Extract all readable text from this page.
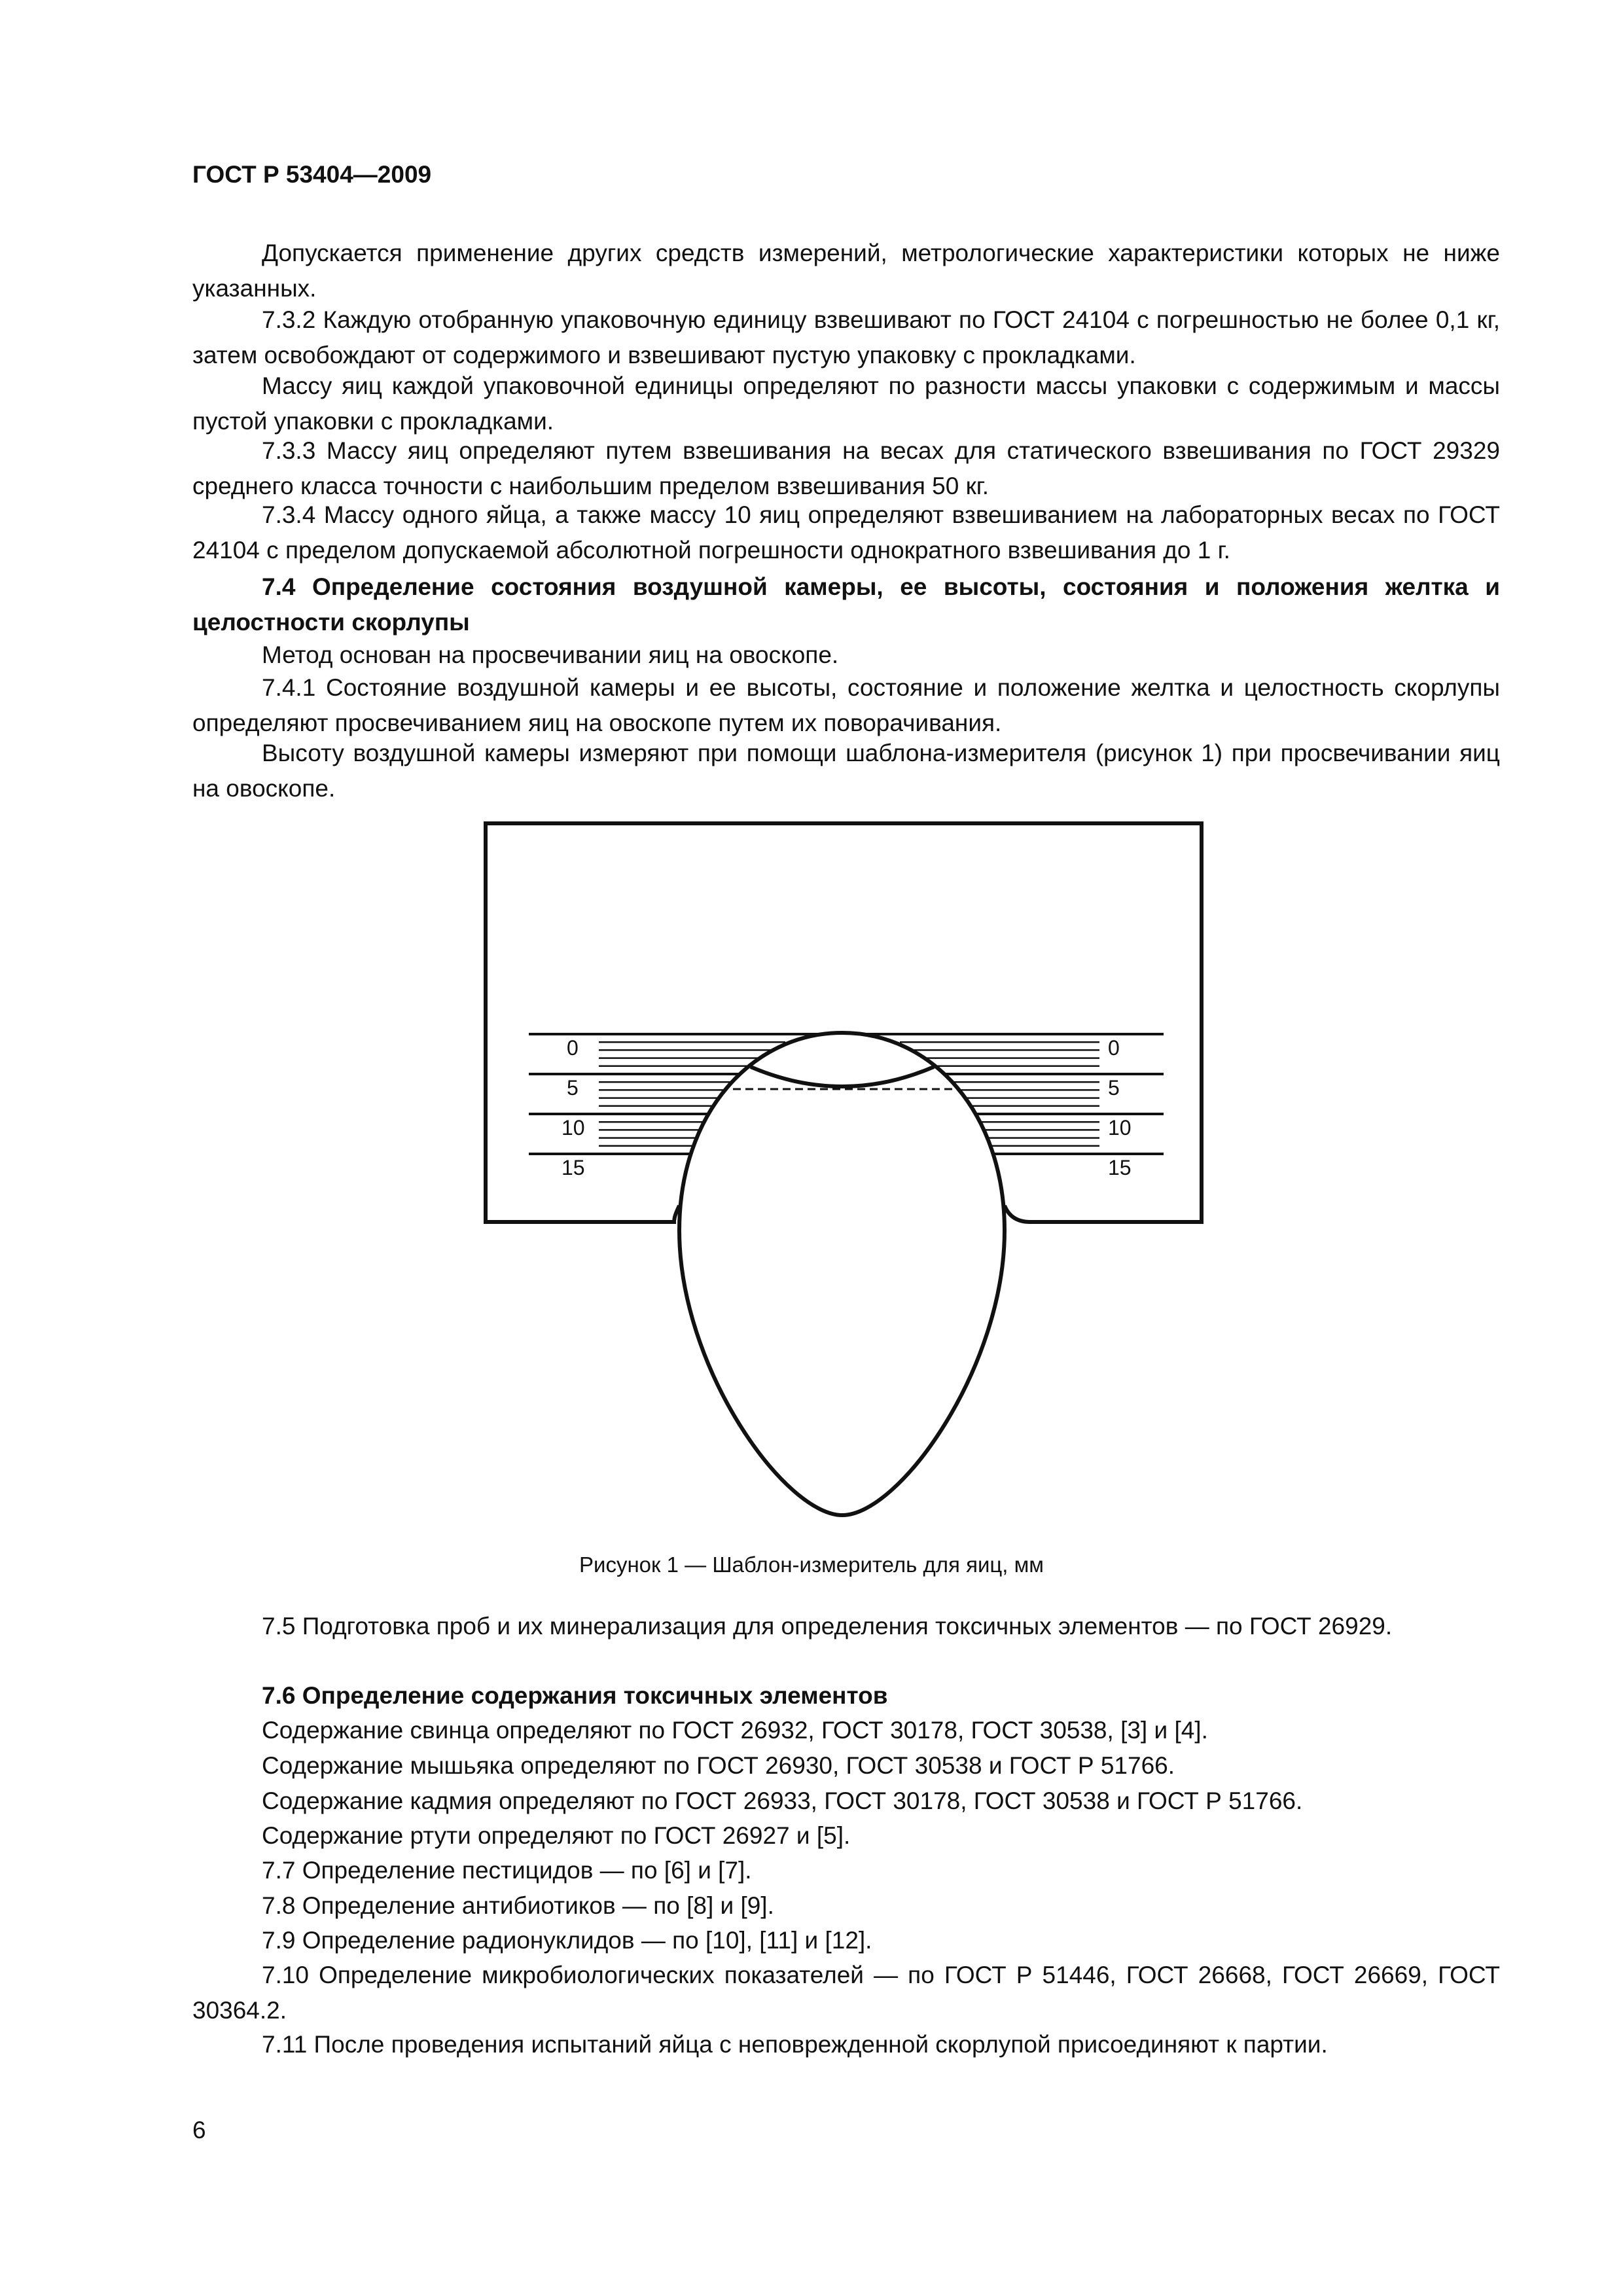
ГОСТ Р 53404—2009

Допускается применение других средств измерений, метрологические характеристики которых не ниже указанных.

7.3.2 Каждую отобранную упаковочную единицу взвешивают по ГОСТ 24104 с погрешностью не более 0,1 кг, затем освобождают от содержимого и взвешивают пустую упаковку с прокладками.

Массу яиц каждой упаковочной единицы определяют по разности массы упаковки с содержимым и массы пустой упаковки с прокладками.

7.3.3 Массу яиц определяют путем взвешивания на весах для статического взвешивания по ГОСТ 29329 среднего класса точности с наибольшим пределом взвешивания 50 кг.

7.3.4 Массу одного яйца, а также массу 10 яиц определяют взвешиванием на лабораторных весах по ГОСТ 24104 с пределом допускаемой абсолютной погрешности однократного взвешивания до 1 г.

7.4 Определение состояния воздушной камеры, ее высоты, состояния и положения желтка и целостности скорлупы

Метод основан на просвечивании яиц на овоскопе.

7.4.1 Состояние воздушной камеры и ее высоты, состояние и положение желтка и целостность скорлупы определяют просвечиванием яиц на овоскопе путем их поворачивания.

Высоту воздушной камеры измеряют при помощи шаблона-измерителя (рисунок 1) при просвечивании яиц на овоскопе.

0
5
10
15
0
5
10
15
Рисунок 1 — Шаблон-измеритель для яиц, мм

7.5 Подготовка проб и их минерализация для определения токсичных элементов — по ГОСТ 26929.

7.6 Определение содержания токсичных элементов

Содержание свинца определяют по ГОСТ 26932, ГОСТ 30178, ГОСТ 30538, [3] и [4].

Содержание мышьяка определяют по ГОСТ 26930, ГОСТ 30538 и ГОСТ Р 51766.

Содержание кадмия определяют по ГОСТ 26933, ГОСТ 30178, ГОСТ 30538 и ГОСТ Р 51766.

Содержание ртути определяют по ГОСТ 26927 и [5].

7.7 Определение пестицидов — по [6] и [7].

7.8 Определение антибиотиков — по [8] и [9].

7.9 Определение радионуклидов — по [10], [11] и [12].

7.10 Определение микробиологических показателей — по ГОСТ Р 51446, ГОСТ 26668, ГОСТ 26669, ГОСТ 30364.2.

7.11 После проведения испытаний яйца с неповрежденной скорлупой присоединяют к партии.

6
